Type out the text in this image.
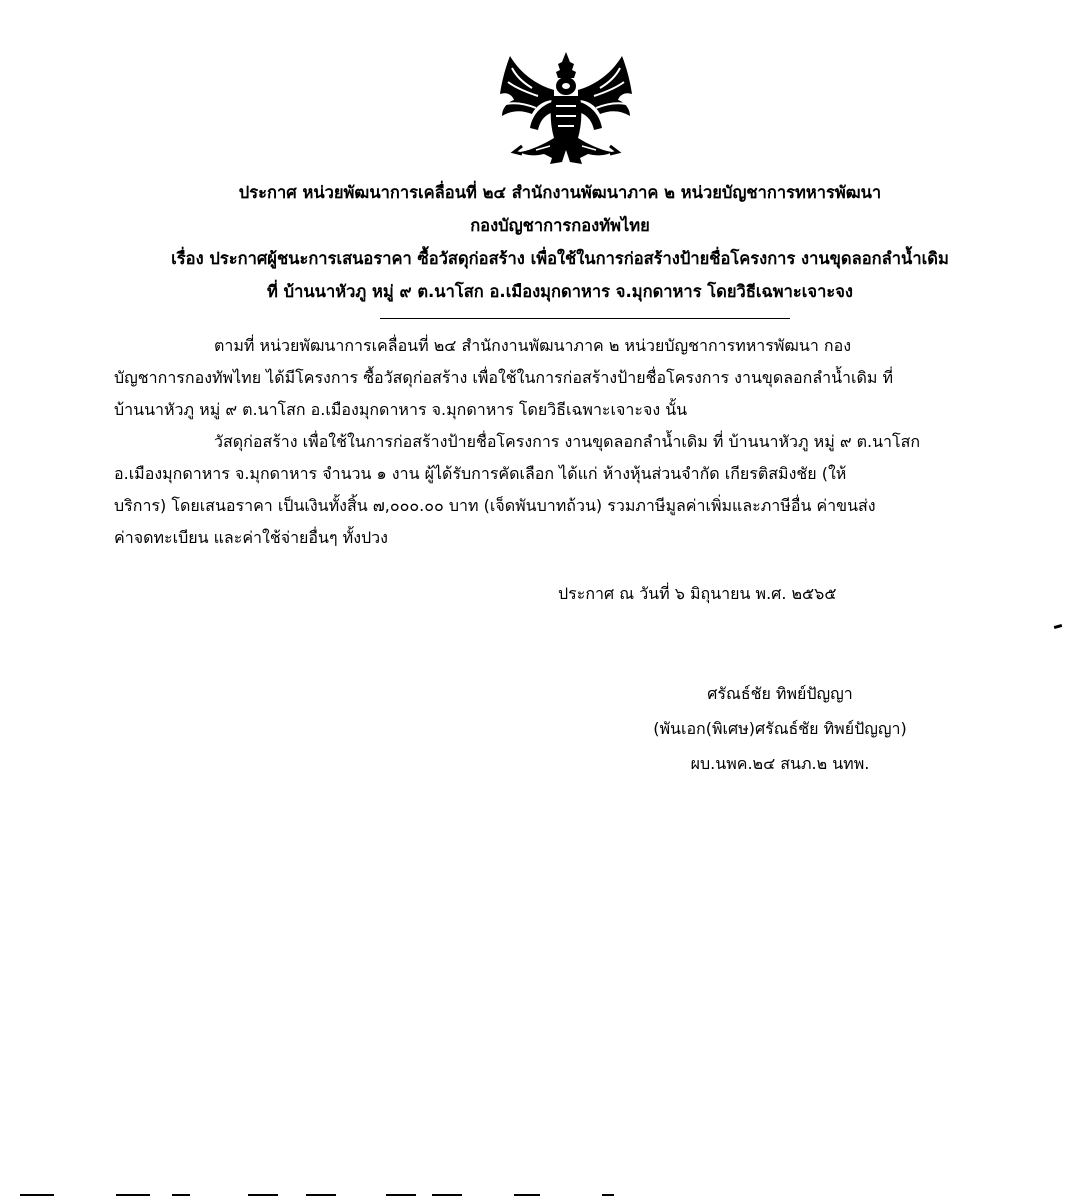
ประกาศ หน่วยพัฒนาการเคลื่อนที่ ๒๔ สำนักงานพัฒนาภาค ๒ หน่วยบัญชาการทหารพัฒนา
กองบัญชาการกองทัพไทย
เรื่อง ประกาศผู้ชนะการเสนอราคา ซื้อวัสดุก่อสร้าง เพื่อใช้ในการก่อสร้างป้ายชื่อโครงการ งานขุดลอกลำน้ำเดิม
ที่ บ้านนาหัวภู หมู่ ๙ ต.นาโสก อ.เมืองมุกดาหาร จ.มุกดาหาร โดยวิธีเฉพาะเจาะจง
ตามที่ หน่วยพัฒนาการเคลื่อนที่ ๒๔ สำนักงานพัฒนาภาค ๒ หน่วยบัญชาการทหารพัฒนา กอง
บัญชาการกองทัพไทย ได้มีโครงการ ซื้อวัสดุก่อสร้าง เพื่อใช้ในการก่อสร้างป้ายชื่อโครงการ งานขุดลอกลำน้ำเดิม ที่
บ้านนาหัวภู หมู่ ๙ ต.นาโสก อ.เมืองมุกดาหาร จ.มุกดาหาร โดยวิธีเฉพาะเจาะจง นั้น
วัสดุก่อสร้าง เพื่อใช้ในการก่อสร้างป้ายชื่อโครงการ งานขุดลอกลำน้ำเดิม ที่ บ้านนาหัวภู หมู่ ๙ ต.นาโสก
อ.เมืองมุกดาหาร จ.มุกดาหาร จำนวน ๑ งาน ผู้ได้รับการคัดเลือก ได้แก่ ห้างหุ้นส่วนจำกัด เกียรติสมิงชัย (ให้
บริการ) โดยเสนอราคา เป็นเงินทั้งสิ้น ๗,๐๐๐.๐๐ บาท (เจ็ดพันบาทถ้วน) รวมภาษีมูลค่าเพิ่มและภาษีอื่น ค่าขนส่ง
ค่าจดทะเบียน และค่าใช้จ่ายอื่นๆ ทั้งปวง
ประกาศ ณ วันที่ ๖ มิถุนายน พ.ศ. ๒๕๖๕
ศรัณธ์ชัย ทิพย์ปัญญา
(พันเอก(พิเศษ)ศรัณธ์ชัย ทิพย์ปัญญา)
ผบ.นพค.๒๔ สนภ.๒ นทพ.
